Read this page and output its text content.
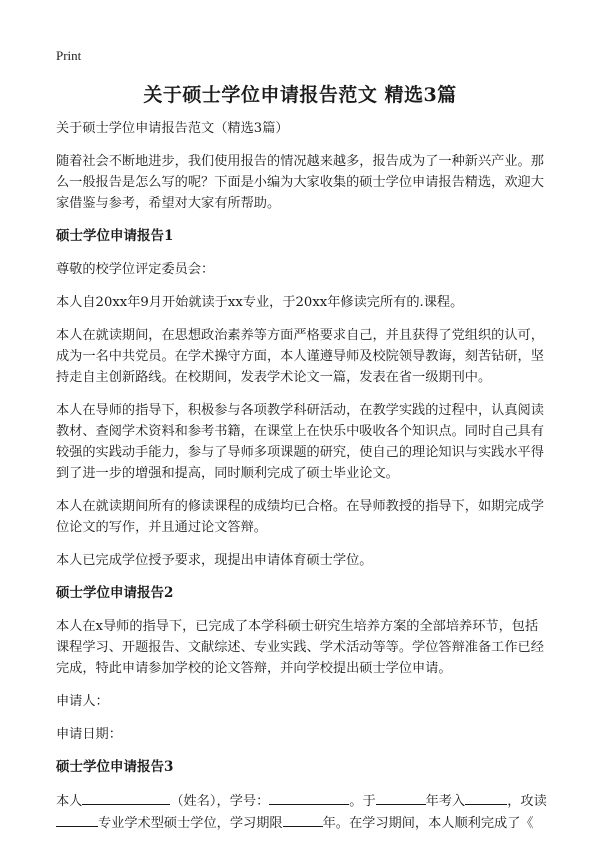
Print
关于硕士学位申请报告范文 精选3篇

关于硕士学位申请报告范文（精选3篇）

随着社会不断地进步，我们使用报告的情况越来越多，报告成为了一种新兴产业。那么一般报告是怎么写的呢？下面是小编为大家收集的硕士学位申请报告精选，欢迎大家借鉴与参考，希望对大家有所帮助。

硕士学位申请报告1

尊敬的校学位评定委员会：

本人自20xx年9月开始就读于xx专业，于20xx年修读完所有的.课程。

本人在就读期间，在思想政治素养等方面严格要求自己，并且获得了党组织的认可，成为一名中共党员。在学术操守方面，本人谨遵导师及校院领导教诲，刻苦钻研，坚持走自主创新路线。在校期间，发表学术论文一篇，发表在省一级期刊中。

本人在导师的指导下，积极参与各项教学科研活动，在教学实践的过程中，认真阅读教材、查阅学术资料和参考书籍，在课堂上在快乐中吸收各个知识点。同时自己具有较强的实践动手能力，参与了导师多项课题的研究，使自己的理论知识与实践水平得到了进一步的增强和提高，同时顺利完成了硕士毕业论文。

本人在就读期间所有的修读课程的成绩均已合格。在导师教授的指导下，如期完成学位论文的写作，并且通过论文答辩。

本人已完成学位授予要求，现提出申请体育硕士学位。

硕士学位申请报告2

本人在x导师的指导下，已完成了本学科硕士研究生培养方案的全部培养环节，包括课程学习、开题报告、文献综述、专业实践、学术活动等等。学位答辩准备工作已经完成，特此申请参加学校的论文答辩，并向学校提出硕士学位申请。

申请人：

申请日期：

硕士学位申请报告3

本人	（姓名），学号：	。于	年考入	，攻读专业学术型硕士学位，学习期限	年。在学习期间，本人顺利完成了《
